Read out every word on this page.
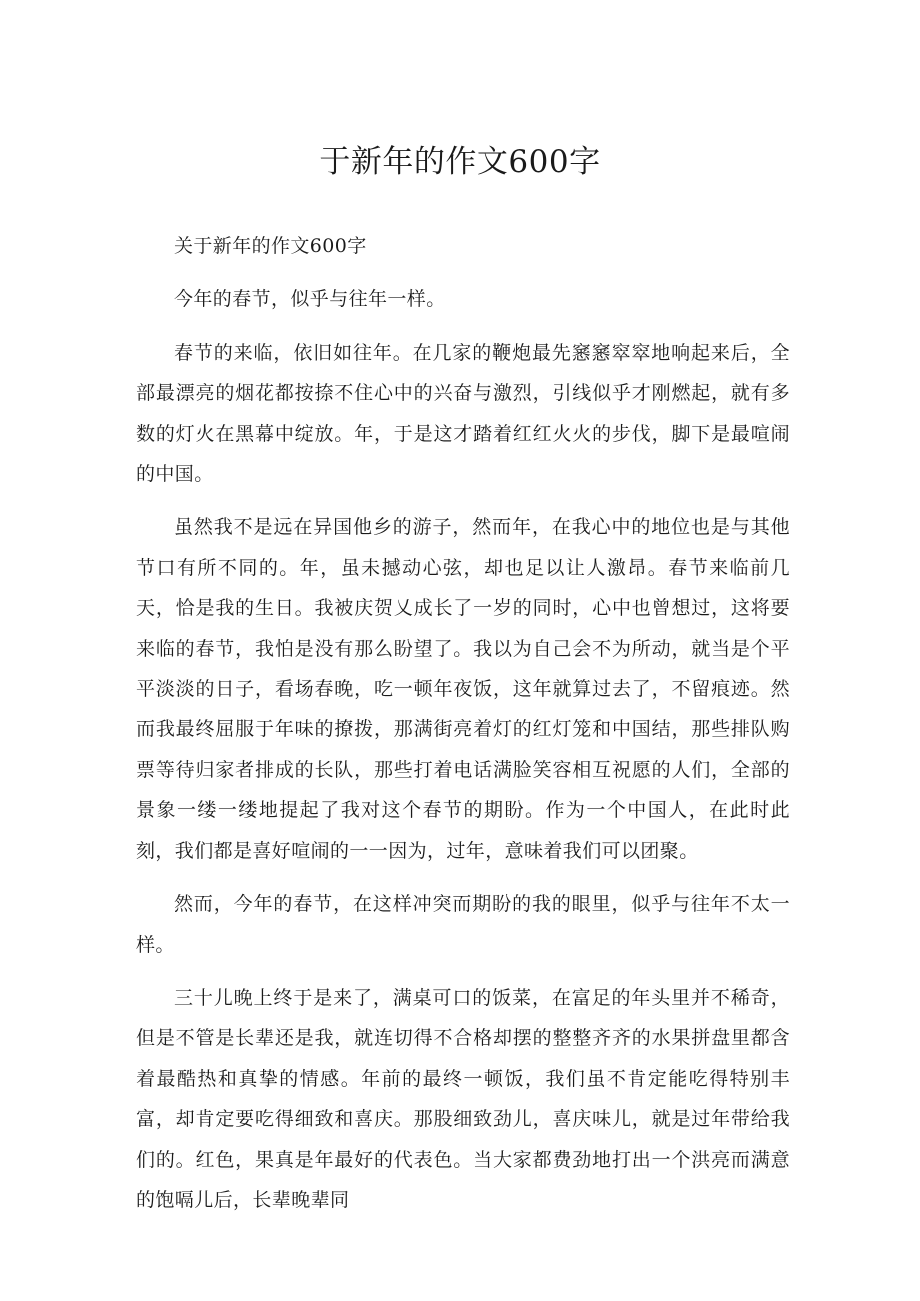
于新年的作文600字

关于新年的作文600字

今年的春节，似乎与往年一样。

春节的来临，依旧如往年。在几家的鞭炮最先窸窸窣窣地响起来后，全部最漂亮的烟花都按捺不住心中的兴奋与激烈，引线似乎才刚燃起，就有多数的灯火在黑幕中绽放。年，于是这才踏着红红火火的步伐，脚下是最喧闹的中国。

虽然我不是远在异国他乡的游子，然而年，在我心中的地位也是与其他节口有所不同的。年，虽未撼动心弦，却也足以让人激昂。春节来临前几天，恰是我的生日。我被庆贺乂成长了一岁的同时，心中也曾想过，这将要来临的春节，我怕是没有那么盼望了。我以为自己会不为所动，就当是个平平淡淡的日子，看场春晚，吃一顿年夜饭，这年就算过去了，不留痕迹。然而我最终屈服于年味的撩拨，那满街亮着灯的红灯笼和中国结，那些排队购票等待归家者排成的长队，那些打着电话满脸笑容相互祝愿的人们，全部的景象一缕一缕地提起了我对这个春节的期盼。作为一个中国人，在此时此刻，我们都是喜好喧闹的一一因为，过年，意味着我们可以团聚。

然而，今年的春节，在这样冲突而期盼的我的眼里，似乎与往年不太一样。

三十儿晚上终于是来了，满桌可口的饭菜，在富足的年头里并不稀奇，但是不管是长辈还是我，就连切得不合格却摆的整整齐齐的水果拼盘里都含着最酷热和真挚的情感。年前的最终一顿饭，我们虽不肯定能吃得特别丰富，却肯定要吃得细致和喜庆。那股细致劲儿，喜庆味儿，就是过年带给我们的。红色，果真是年最好的代表色。当大家都费劲地打出一个洪亮而满意的饱嗝儿后，长辈晚辈同
